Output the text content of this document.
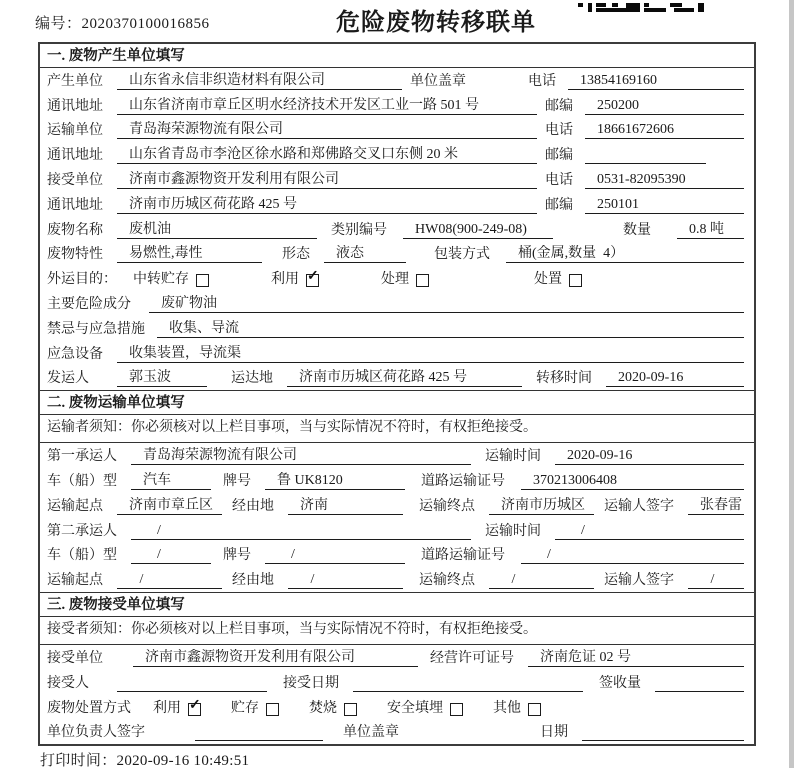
编号：2020370100016856	危险废物转移联单
一. 废物产生单位填写
产生单位	山东省永信非织造材料有限公司	单位盖章	电话	13854169160
通讯地址	山东省济南市章丘区明水经济技术开发区工业一路 501 号	邮编	250200
运输单位	青岛海荣源物流有限公司	电话	18661672606
通讯地址	山东省青岛市李沧区徐水路和郑佛路交叉口东侧 20 米	邮编
接受单位	济南市鑫源物资开发利用有限公司	电话	0531-82095390
通讯地址	济南市历城区荷花路 425 号	邮编	250101
废物名称	废机油	类别编号	HW08(900-249-08)	数量	0.8 吨
废物特性	易燃性,毒性	形态	液态	包装方式	桶(金属,数量  4）
外运目的：	中转贮存	利用 ✓	处理	处置
主要危险成分	废矿物油
禁忌与应急措施	收集、导流
应急设备	收集装置，导流渠
发运人	郭玉波	运达地	济南市历城区荷花路 425 号	转移时间	2020-09-16
二. 废物运输单位填写
运输者须知：你必须核对以上栏目事项，当与实际情况不符时，有权拒绝接受。
第一承运人	青岛海荣源物流有限公司	运输时间	2020-09-16
车（船）型	汽车	牌号	鲁 UK8120	道路运输证号	370213006408
运输起点	济南市章丘区	经由地	济南	运输终点	济南市历城区	运输人签字	张春雷
第二承运人	/	运输时间	/
车（船）型	/	牌号	/	道路运输证号	/
运输起点	/	经由地	/	运输终点	/	运输人签字	/
三. 废物接受单位填写
接受者须知：你必须核对以上栏目事项，当与实际情况不符时，有权拒绝接受。
接受单位	济南市鑫源物资开发利用有限公司	经营许可证号	济南危证 02 号
接受人	接受日期	签收量
废物处置方式	利用 ✓ 贮存	焚烧	安全填埋	其他
单位负责人签字	单位盖章	日期
打印时间：2020-09-16 10:49:51
